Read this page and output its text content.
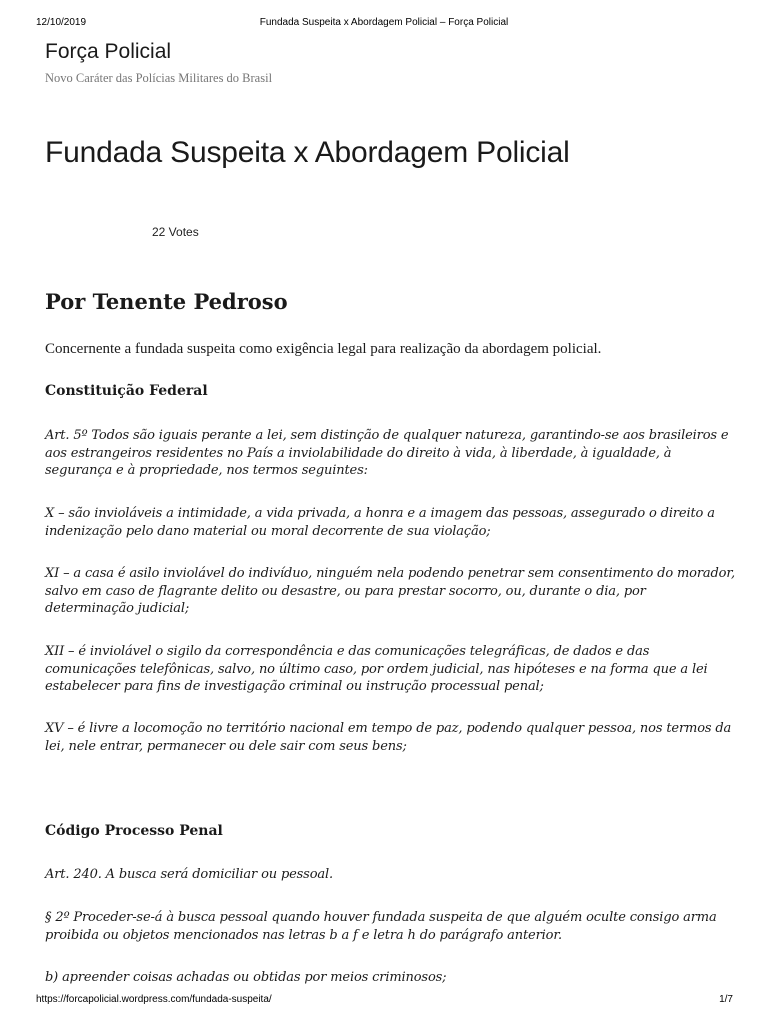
12/10/2019	Fundada Suspeita x Abordagem Policial – Força Policial
Força Policial

Novo Caráter das Polícias Militares do Brasil

Fundada Suspeita x Abordagem Policial
22 Votes
Por Tenente Pedroso

Concernente a fundada suspeita como exigência legal para realização da abordagem policial.

Constituição Federal

Art. 5º Todos são iguais perante a lei, sem distinção de qualquer natureza, garantindo-se aos brasileiros e aos estrangeiros residentes no País a inviolabilidade do direito à vida, à liberdade, à igualdade, à segurança e à propriedade, nos termos seguintes:

X – são invioláveis a intimidade, a vida privada, a honra e a imagem das pessoas, assegurado o direito a indenização pelo dano material ou moral decorrente de sua violação;

XI – a casa é asilo inviolável do indivíduo, ninguém nela podendo penetrar sem consentimento do morador, salvo em caso de flagrante delito ou desastre, ou para prestar socorro, ou, durante o dia, por determinação judicial;

XII – é inviolável o sigilo da correspondência e das comunicações telegráficas, de dados e das comunicações telefônicas, salvo, no último caso, por ordem judicial, nas hipóteses e na forma que a lei estabelecer para fins de investigação criminal ou instrução processual penal;

XV – é livre a locomoção no território nacional em tempo de paz, podendo qualquer pessoa, nos termos da lei, nele entrar, permanecer ou dele sair com seus bens;

Código Processo Penal

Art. 240. A busca será domiciliar ou pessoal.

§ 2º Proceder-se-á à busca pessoal quando houver fundada suspeita de que alguém oculte consigo arma proibida ou objetos mencionados nas letras b a f e letra h do parágrafo anterior.

b) apreender coisas achadas ou obtidas por meios criminosos;

https://forcapolicial.wordpress.com/fundada-suspeita/	1/7
